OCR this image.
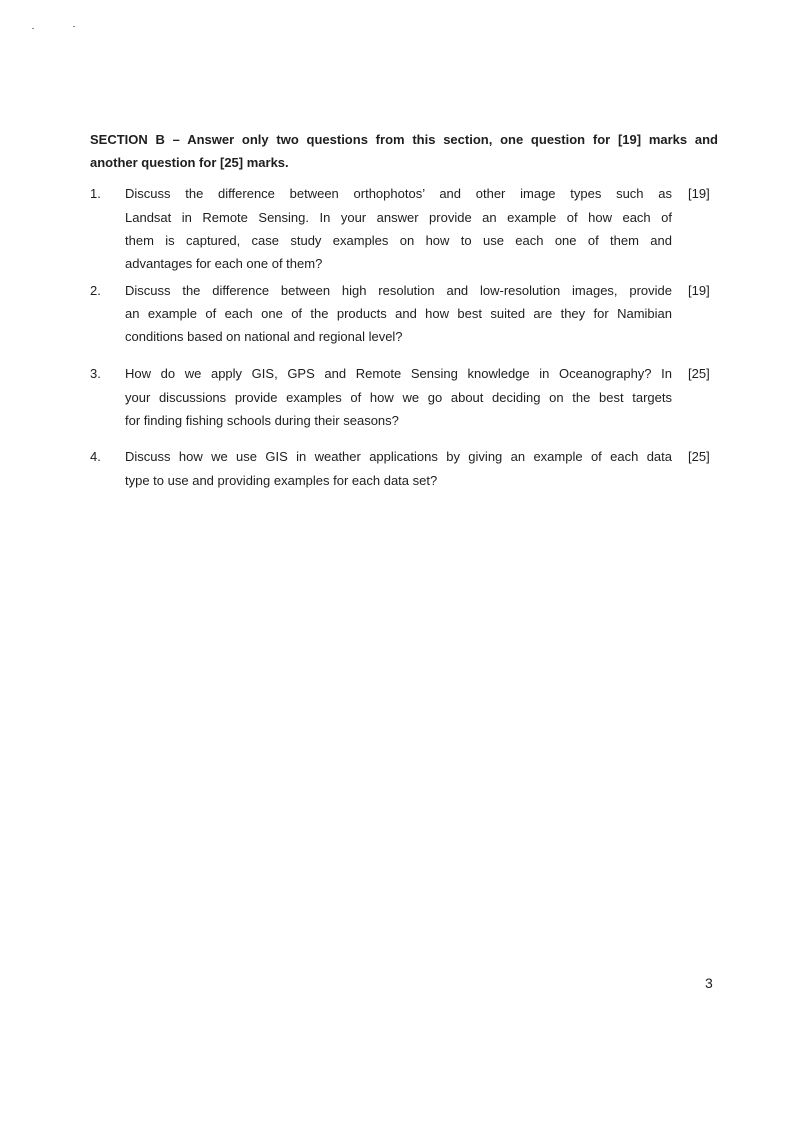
SECTION B – Answer only two questions from this section, one question for [19] marks and
another question for [25] marks.
1. Discuss the difference between orthophotos’ and other image types such as
Landsat in Remote Sensing. In your answer provide an example of how each of
them is captured, case study examples on how to use each one of them and
advantages for each one of them?
[19]
2. Discuss the difference between high resolution and low-resolution images, provide
an example of each one of the products and how best suited are they for Namibian
conditions based on national and regional level?
[19]
3. How do we apply GIS, GPS and Remote Sensing knowledge in Oceanography? In
your discussions provide examples of how we go about deciding on the best targets
for finding fishing schools during their seasons?
[25]
4. Discuss how we use GIS in weather applications by giving an example of each data
type to use and providing examples for each data set?
[25]
3
